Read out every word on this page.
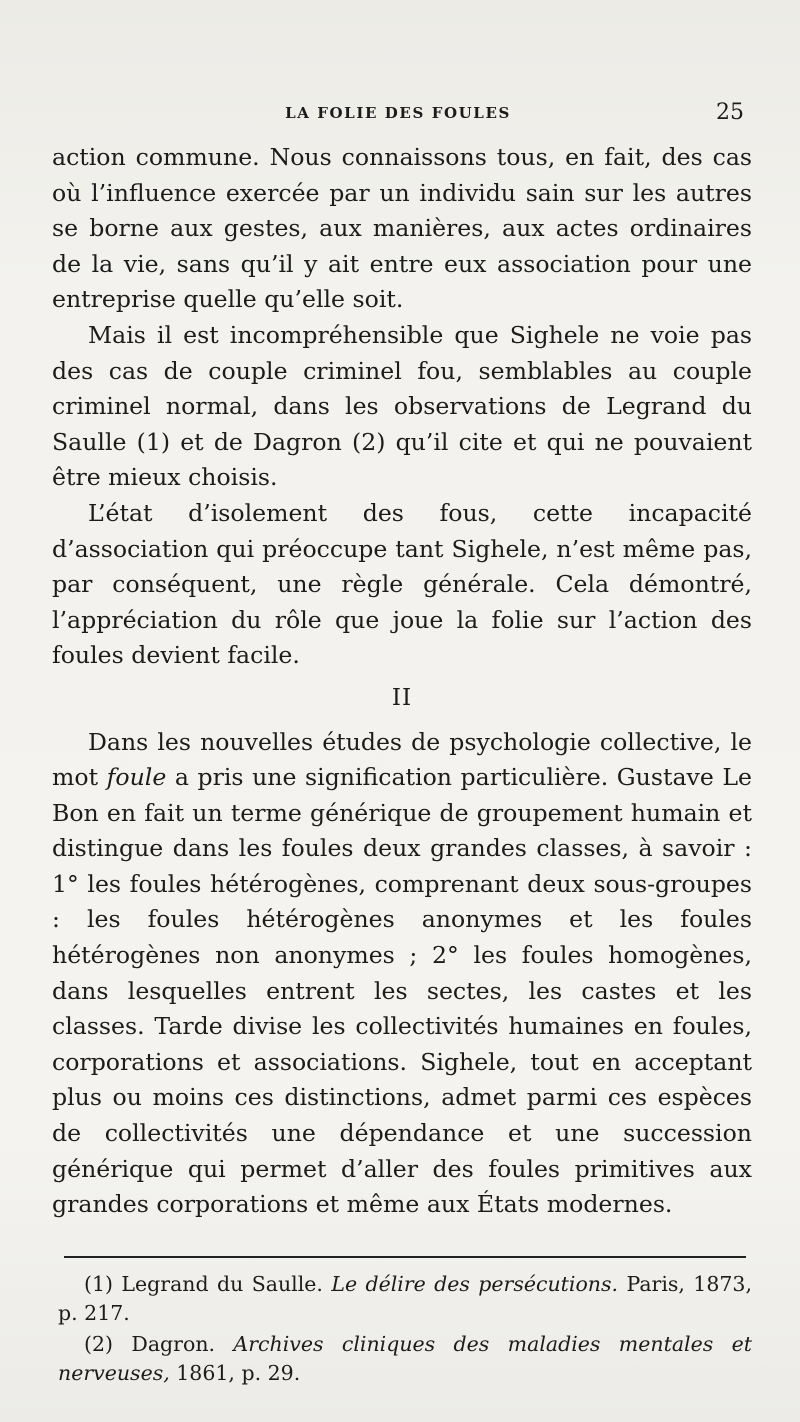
LA FOLIE DES FOULES	25

action commune. Nous connaissons tous, en fait, des cas où l’influence exercée par un individu sain sur les autres se borne aux gestes, aux manières, aux actes ordinaires de la vie, sans qu’il y ait entre eux association pour une entreprise quelle qu’elle soit.

Mais il est incompréhensible que Sighele ne voie pas des cas de couple criminel fou, semblables au couple criminel normal, dans les observations de Legrand du Saulle (1) et de Dagron (2) qu’il cite et qui ne pouvaient être mieux choisis.

L’état d’isolement des fous, cette incapacité d’association qui préoccupe tant Sighele, n’est même pas, par conséquent, une règle générale. Cela démontré, l’appréciation du rôle que joue la folie sur l’action des foules devient facile.

II

Dans les nouvelles études de psychologie collective, le mot foule a pris une signification particulière. Gustave Le Bon en fait un terme générique de groupement humain et distingue dans les foules deux grandes classes, à savoir : 1° les foules hétérogènes, comprenant deux sous-groupes : les foules hétérogènes anonymes et les foules hétérogènes non anonymes ; 2° les foules homogènes, dans lesquelles entrent les sectes, les castes et les classes. Tarde divise les collectivités humaines en foules, corporations et associations. Sighele, tout en acceptant plus ou moins ces distinctions, admet parmi ces espèces de collectivités une dépendance et une succession générique qui permet d’aller des foules primitives aux grandes corporations et même aux États modernes.

(1) Legrand du Saulle. Le délire des persécutions. Paris, 1873, p. 217.

(2) Dagron. Archives cliniques des maladies mentales et nerveuses, 1861, p. 29.
